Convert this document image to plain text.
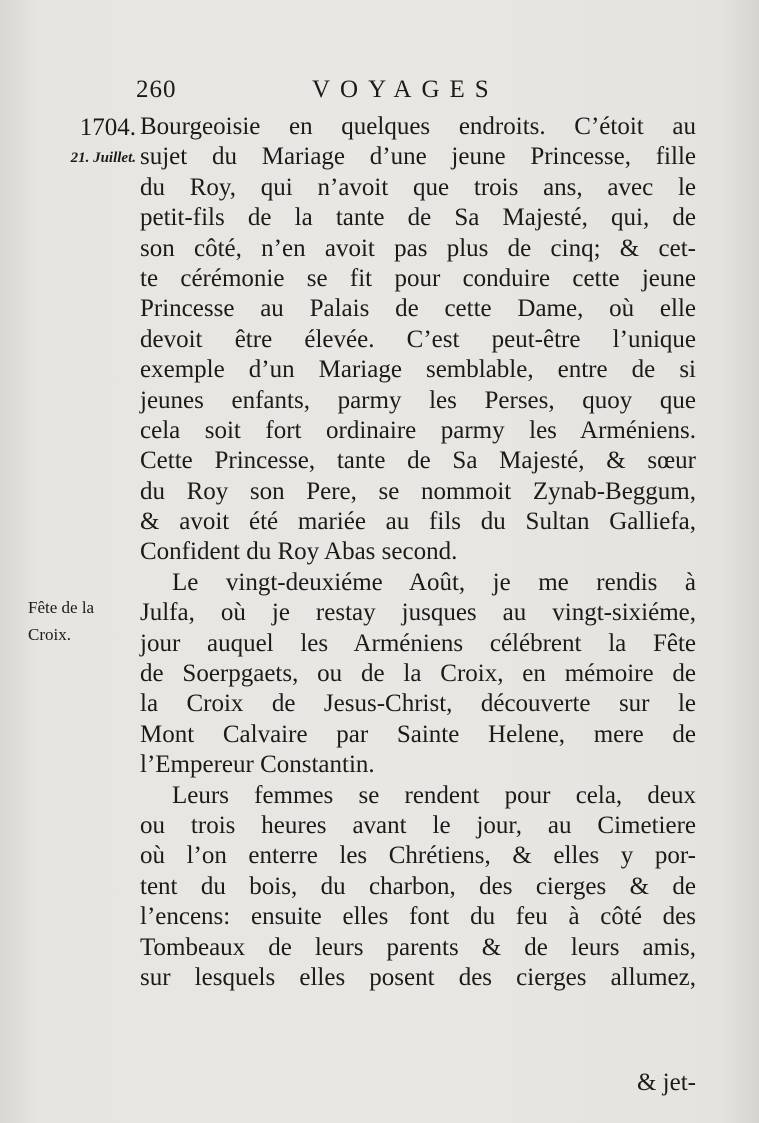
260	VOYAGES
1704.
21. Juillet.
Fête de la
Croix.
Bourgeoisie en quelques endroits. C’étoit au
sujet du Mariage d’une jeune Princesse, fille
du Roy, qui n’avoit que trois ans, avec le
petit-fils de la tante de Sa Majesté, qui, de
son côté, n’en avoit pas plus de cinq; & cet-
te cérémonie se fit pour conduire cette jeune
Princesse au Palais de cette Dame, où elle
devoit être élevée. C’est peut-être l’unique
exemple d’un Mariage semblable, entre de si
jeunes enfants, parmy les Perses, quoy que
cela soit fort ordinaire parmy les Arméniens.
Cette Princesse, tante de Sa Majesté, & sœur
du Roy son Pere, se nommoit Zynab-Beggum,
& avoit été mariée au fils du Sultan Galliefa,
Confident du Roy Abas second.
Le vingt-deuxiéme Août, je me rendis à
Julfa, où je restay jusques au vingt-sixiéme,
jour auquel les Arméniens célébrent la Fête
de Soerpgaets, ou de la Croix, en mémoire de
la Croix de Jesus-Christ, découverte sur le
Mont Calvaire par Sainte Helene, mere de
l’Empereur Constantin.
Leurs femmes se rendent pour cela, deux
ou trois heures avant le jour, au Cimetiere
où l’on enterre les Chrétiens, & elles y por-
tent du bois, du charbon, des cierges & de
l’encens: ensuite elles font du feu à côté des
Tombeaux de leurs parents & de leurs amis,
sur lesquels elles posent des cierges allumez,
& jet-
